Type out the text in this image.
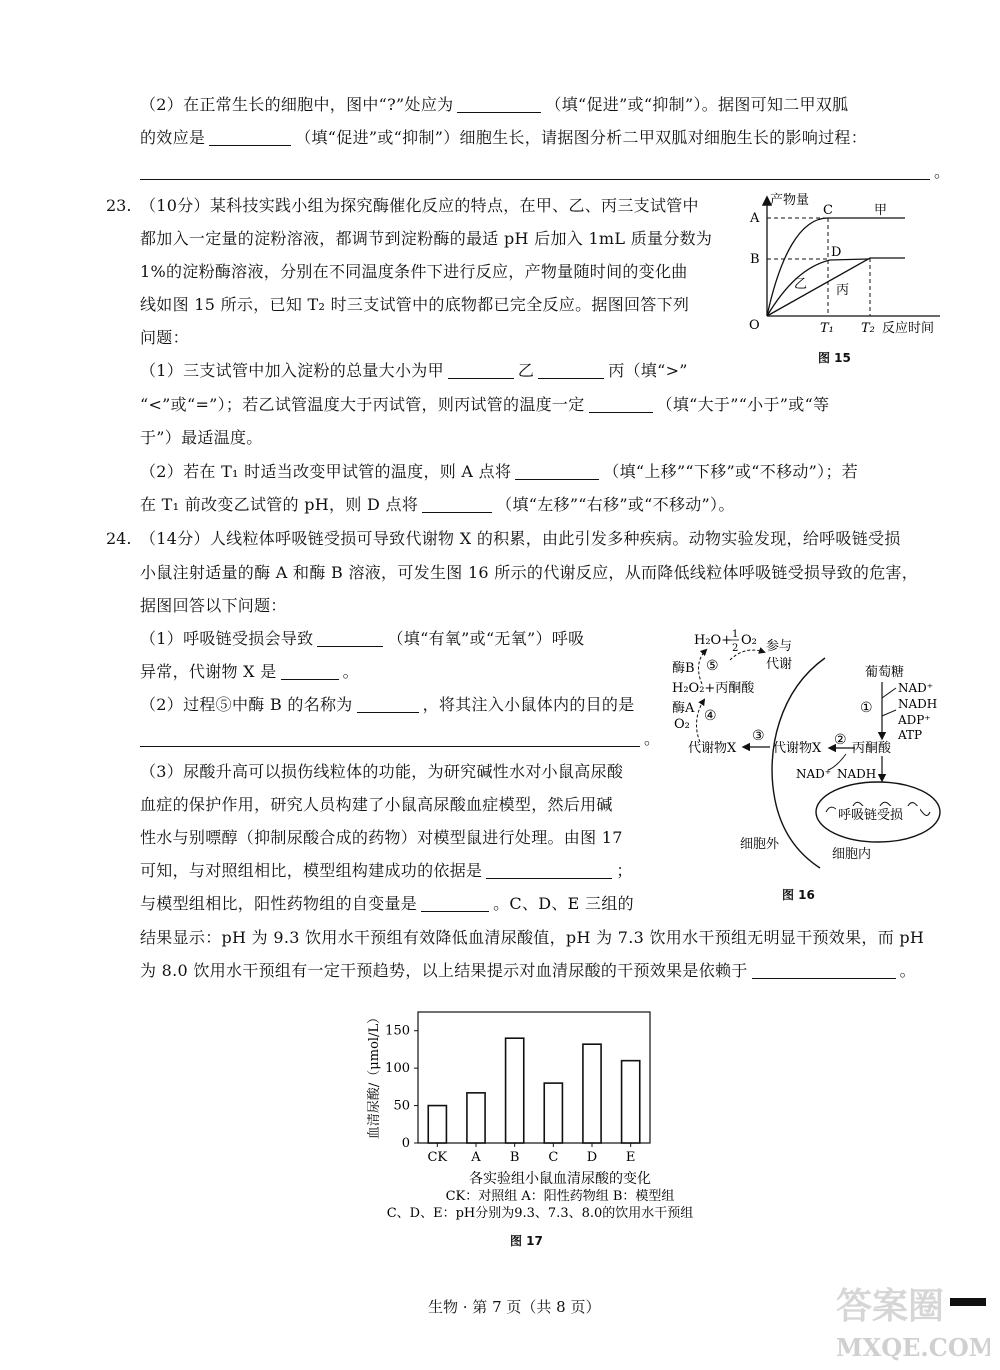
（2）在正常生长的细胞中，图中“?”处应为	（填“促进”或“抑制”）。据图可知二甲双胍
的效应是	（填“促进”或“抑制”）细胞生长，请据图分析二甲双胍对细胞生长的影响过程：
。
23. （10分）某科技实践小组为探究酶催化反应的特点，在甲、乙、丙三支试管中
都加入一定量的淀粉溶液，都调节到淀粉酶的最适 pH 后加入 1mL 质量分数为
1%的淀粉酶溶液，分别在不同温度条件下进行反应，产物量随时间的变化曲
线如图 15 所示，已知 T₂ 时三支试管中的底物都已完全反应。据图回答下列
问题：
（1）三支试管中加入淀粉的总量大小为甲	乙	丙（填“>”
“<”或“=”）；若乙试管温度大于丙试管，则丙试管的温度一定	（填“大于”“小于”或“等
于”）最适温度。
（2）若在 T₁ 时适当改变甲试管的温度，则 A 点将	（填“上移”“下移”或“不移动”）；若
在 T₁ 前改变乙试管的 pH，则 D 点将	（填“左移”“右移”或“不移动”）。
产物量
A
B
O
C
D
甲
乙 丙
T₁ T₂ 反应时间
图 15
24. （14分）人线粒体呼吸链受损可导致代谢物 X 的积累，由此引发多种疾病。动物实验发现，给呼吸链受损
小鼠注射适量的酶 A 和酶 B 溶液，可发生图 16 所示的代谢反应，从而降低线粒体呼吸链受损导致的危害，
据图回答以下问题：
（1）呼吸链受损会导致	（填“有氧”或“无氧”）呼吸
异常，代谢物 X 是	。
（2）过程⑤中酶 B 的名称为	，将其注入小鼠体内的目的是
。
（3）尿酸升高可以损伤线粒体的功能，为研究碱性水对小鼠高尿酸
血症的保护作用，研究人员构建了小鼠高尿酸血症模型，然后用碱
性水与别嘌醇（抑制尿酸合成的药物）对模型鼠进行处理。由图 17
可知，与对照组相比，模型组构建成功的依据是	；
与模型组相比，阳性药物组的自变量是	。C、D、E 三组的
结果显示：pH 为 9.3 饮用水干预组有效降低血清尿酸值，pH 为 7.3 饮用水干预组无明显干预效果，而 pH
为 8.0 饮用水干预组有一定干预趋势，以上结果提示对血清尿酸的干预效果是依赖于	。
H₂O+ 1
2
O₂ 参与
代谢
酶B ⑤
H₂O₂+丙酮酸
酶A
O₂
④
代谢物X
③
代谢物X
②
丙酮酸
NAD⁺ NADH
葡萄糖
①
NAD⁺
NADH
ADP⁺
ATP
呼吸链受损
细胞外
细胞内
图 16
血清尿酸/（μmol/L）
0
50
100
150
CK A B C D E
各实验组小鼠血清尿酸的变化
CK：对照组 A：阳性药物组 B：模型组
C、D、E：pH分别为9.3、7.3、8.0的饮用水干预组
图 17
生物 · 第 7 页（共 8 页）	答案圈
MXQE.COM
